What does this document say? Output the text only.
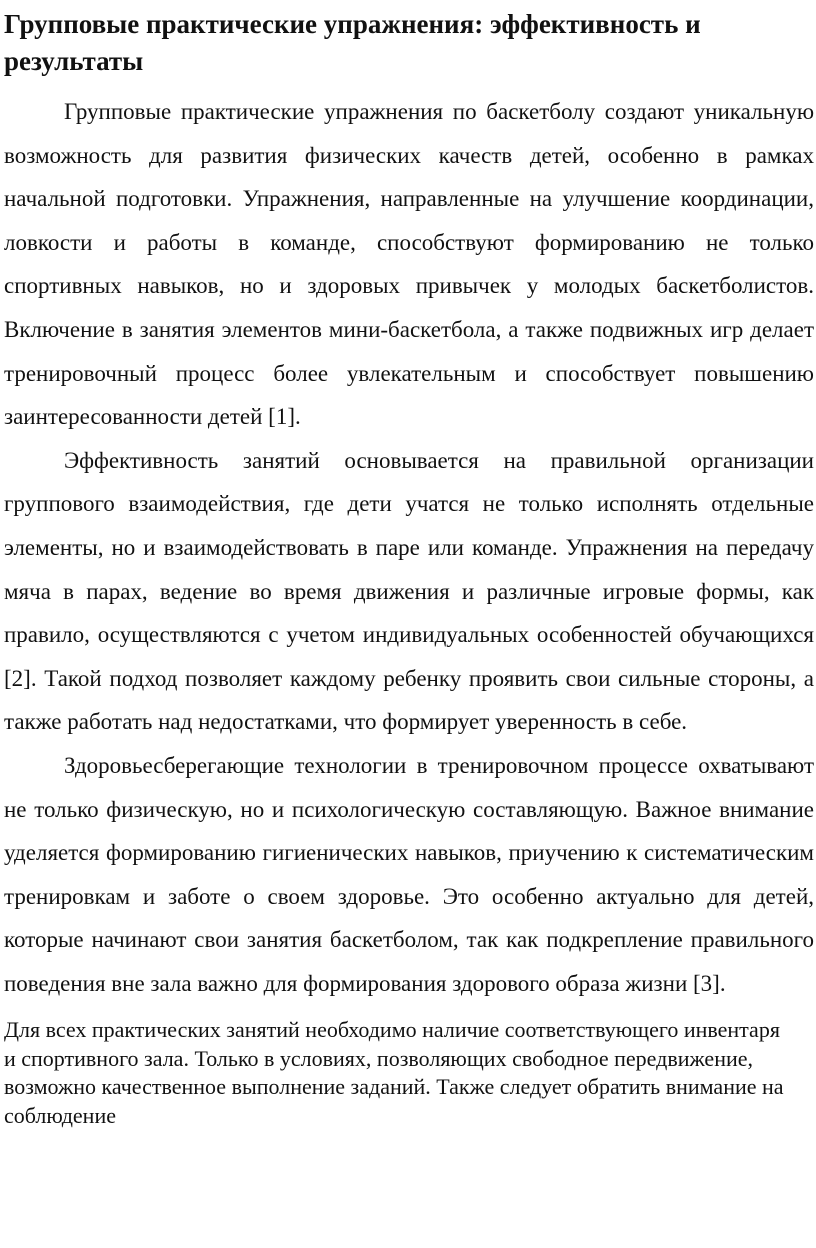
Групповые практические упражнения: эффективность и результаты

Групповые практические упражнения по баскетболу создают уникальную возможность для развития физических качеств детей, особенно в рамках начальной подготовки. Упражнения, направленные на улучшение координации, ловкости и работы в команде, способствуют формированию не только спортивных навыков, но и здоровых привычек у молодых баскетболистов. Включение в занятия элементов мини-баскетбола, а также подвижных игр делает тренировочный процесс более увлекательным и способствует повышению заинтересованности детей [1].

Эффективность занятий основывается на правильной организации группового взаимодействия, где дети учатся не только исполнять отдельные элементы, но и взаимодействовать в паре или команде. Упражнения на передачу мяча в парах, ведение во время движения и различные игровые формы, как правило, осуществляются с учетом индивидуальных особенностей обучающихся [2]. Такой подход позволяет каждому ребенку проявить свои сильные стороны, а также работать над недостатками, что формирует уверенность в себе.

Здоровьесберегающие технологии в тренировочном процессе охватывают не только физическую, но и психологическую составляющую. Важное внимание уделяется формированию гигиенических навыков, приучению к систематическим тренировкам и заботе о своем здоровье. Это особенно актуально для детей, которые начинают свои занятия баскетболом, так как подкрепление правильного поведения вне зала важно для формирования здорового образа жизни [3].

Для всех практических занятий необходимо наличие соответствующего инвентаря и спортивного зала. Только в условиях, позволяющих свободное передвижение, возможно качественное выполнение заданий. Также следует обратить внимание на соблюдение
